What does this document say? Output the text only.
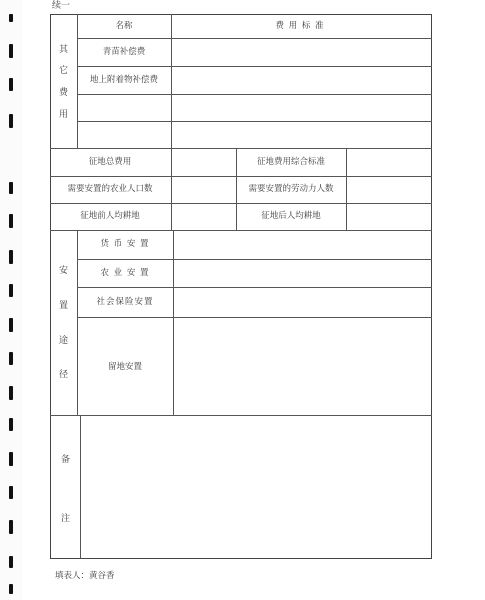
续一
名称	费 用 标 准
其
它
费
用
青苗补偿费
地上附着物补偿费
征地总费用	征地费用综合标准
需要安置的农业人口数	需要安置的劳动力人数
征地前人均耕地	征地后人均耕地
安
置
途
径
货 币 安 置
农 业 安 置
社会保险安置
留地安置
备
注
填表人：黄谷香
